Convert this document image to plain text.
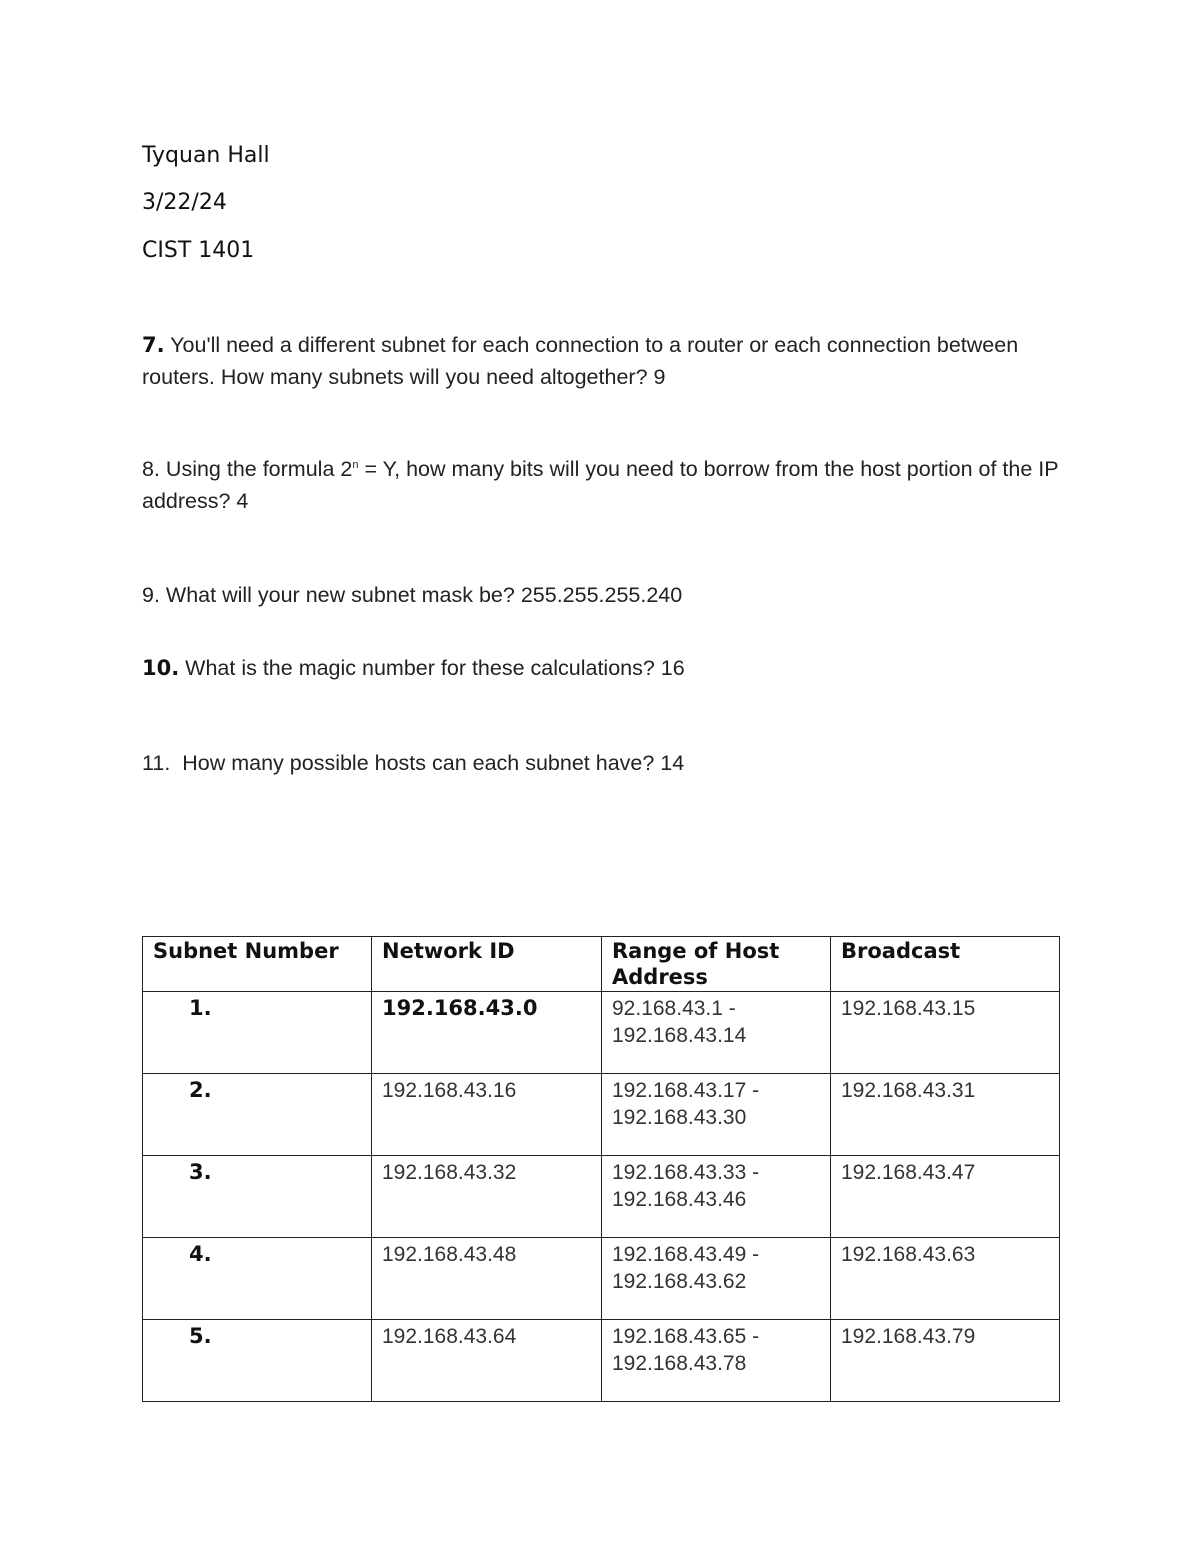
Tyquan Hall
3/22/24
CIST 1401
7. You'll need a different subnet for each connection to a router or each connection between routers. How many subnets will you need altogether? 9
8. Using the formula $2^n = Y$, how many bits will you need to borrow from the host portion of the IP address? 4
9. What will your new subnet mask be? 255.255.255.240
10. What is the magic number for these calculations? 16
11.  How many possible hosts can each subnet have? 14
Subnet Number	Network ID	Range of Host Address	Broadcast

1.	192.168.43.0	92.168.43.1 -
192.168.43.14	192.168.43.15

2.	192.168.43.16	192.168.43.17 -
192.168.43.30	192.168.43.31

3.	192.168.43.32	192.168.43.33 -
192.168.43.46	192.168.43.47

4.	192.168.43.48	192.168.43.49 -
192.168.43.62	192.168.43.63

5.	192.168.43.64	192.168.43.65 -
192.168.43.78	192.168.43.79
